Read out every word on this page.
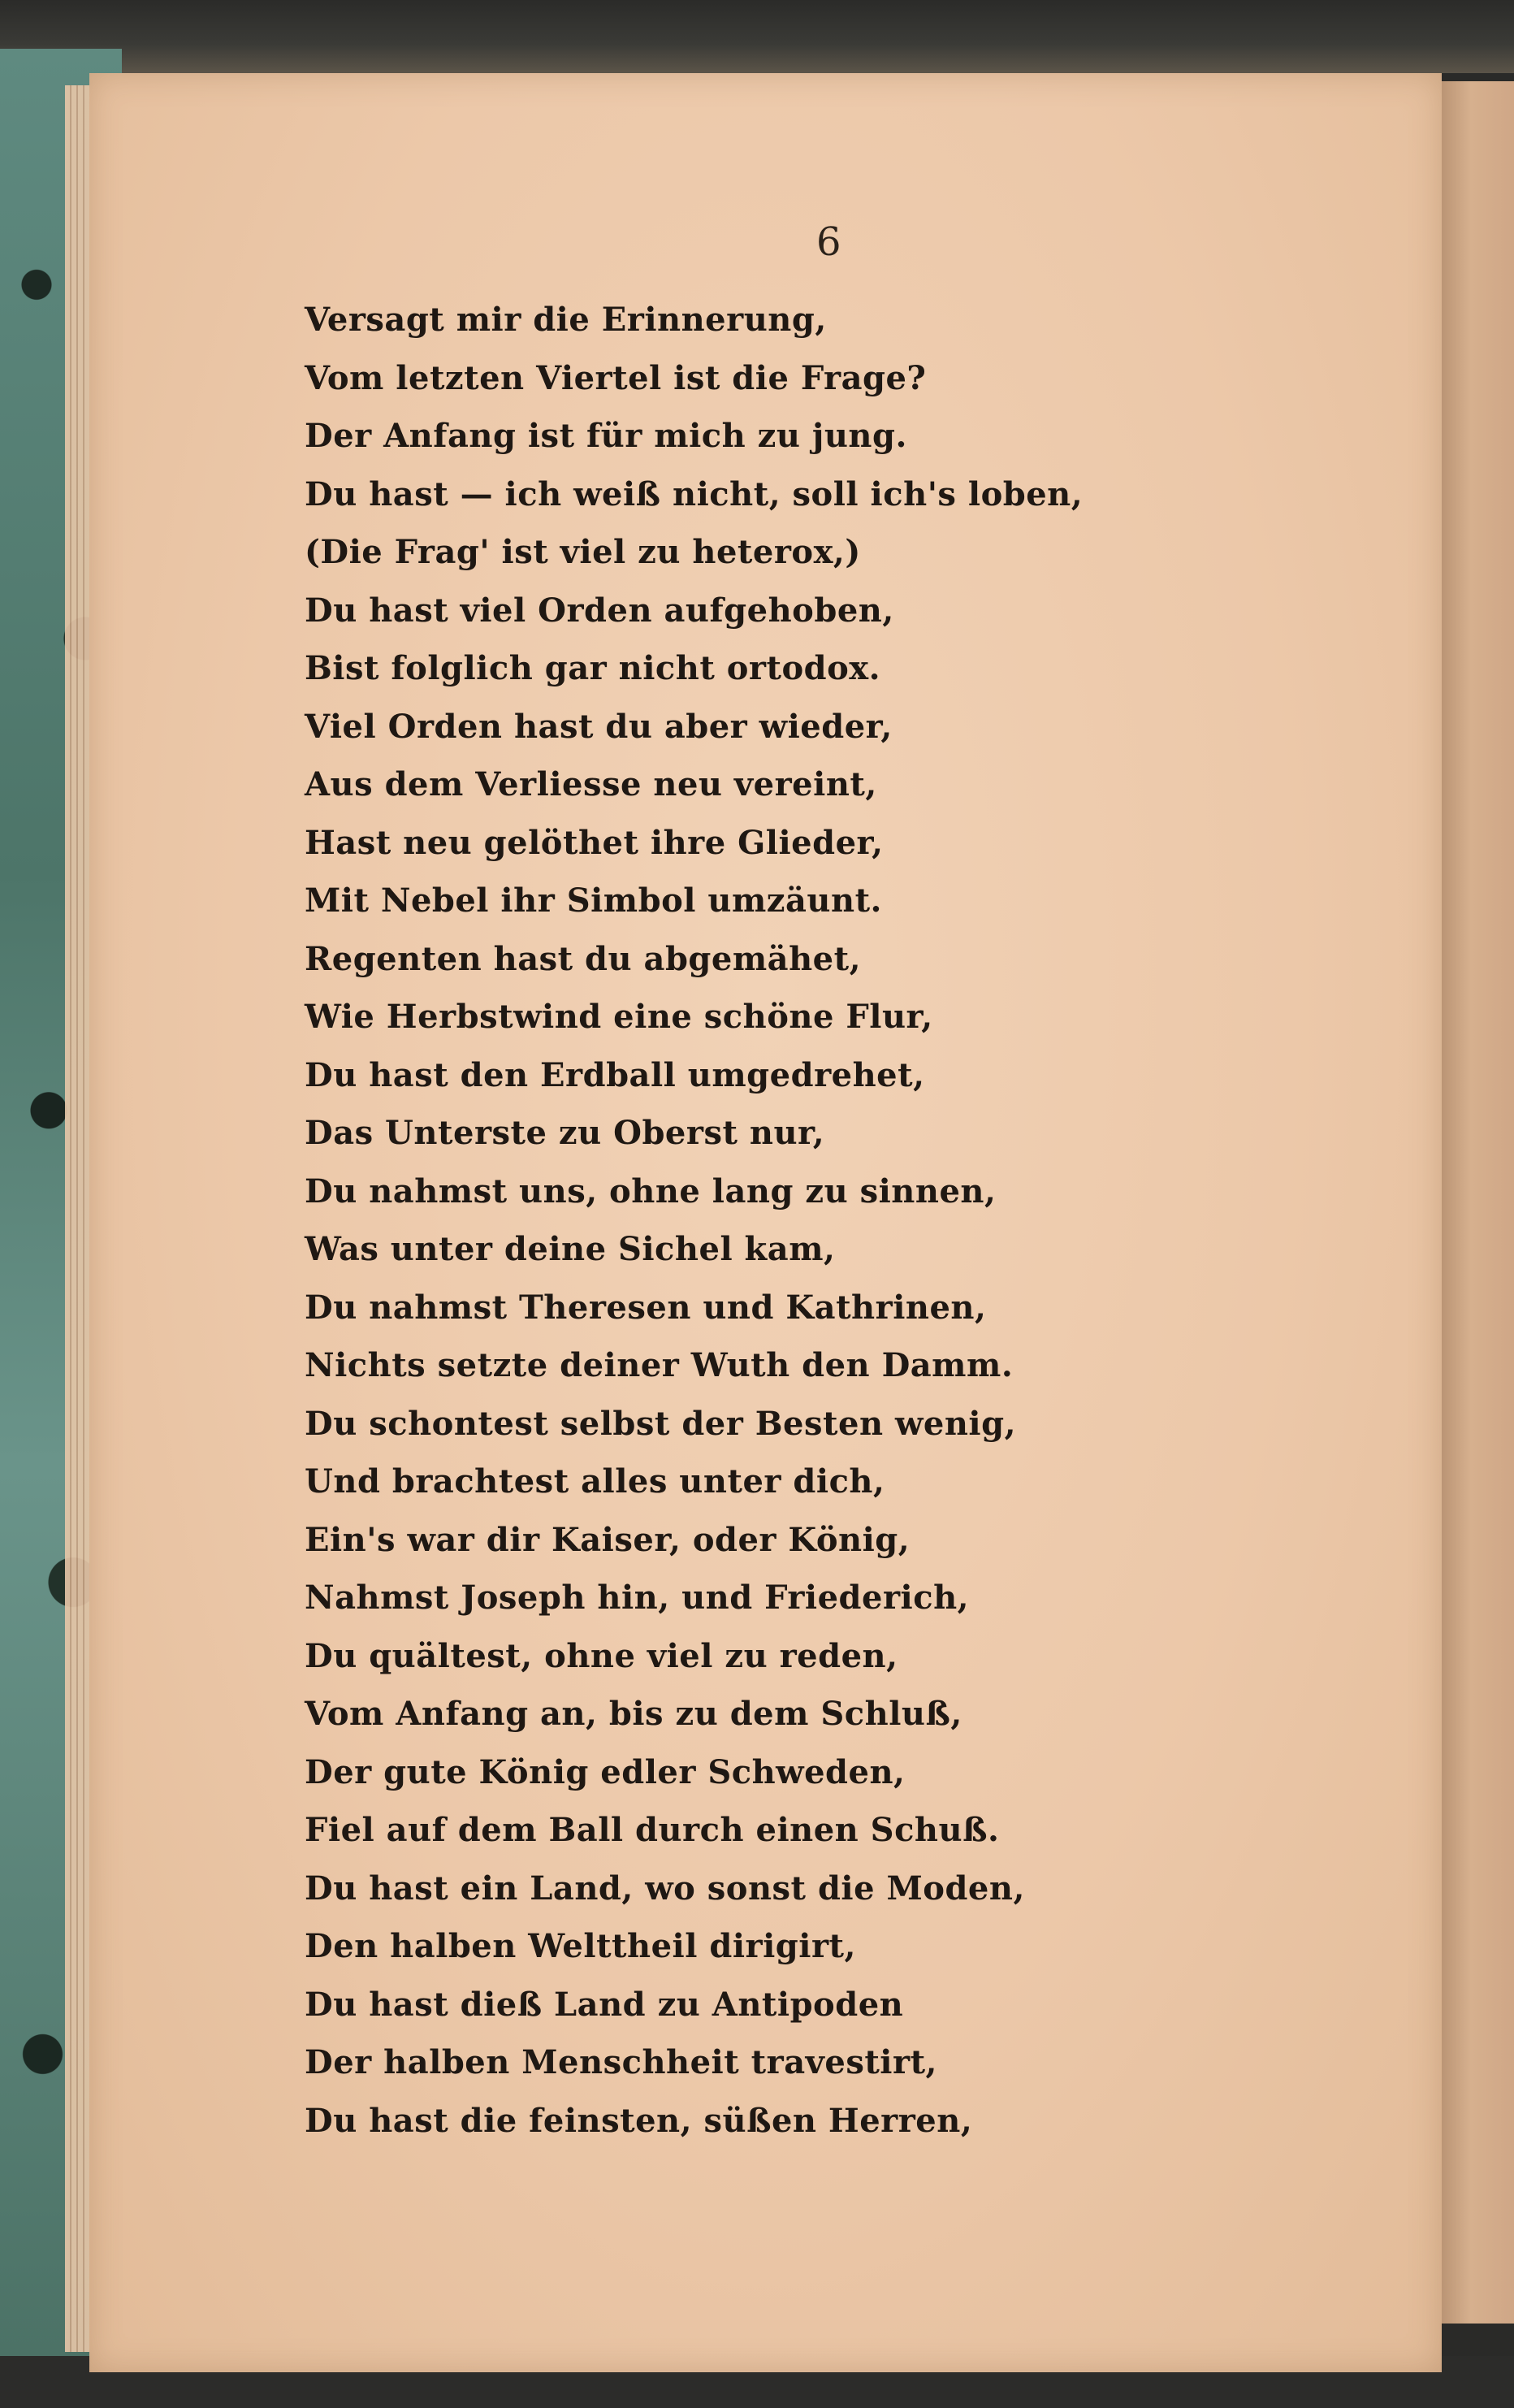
6
Versagt mir die Erinnerung,
Vom letzten Viertel ist die Frage?
Der Anfang ist für mich zu jung.
Du hast — ich weiß nicht, soll ich's loben,
(Die Frag' ist viel zu heterox,)
Du hast viel Orden aufgehoben,
Bist folglich gar nicht ortodox.
Viel Orden hast du aber wieder,
Aus dem Verliesse neu vereint,
Hast neu gelöthet ihre Glieder,
Mit Nebel ihr Simbol umzäunt.
Regenten hast du abgemähet,
Wie Herbstwind eine schöne Flur,
Du hast den Erdball umgedrehet,
Das Unterste zu Oberst nur,
Du nahmst uns, ohne lang zu sinnen,
Was unter deine Sichel kam,
Du nahmst Theresen und Kathrinen,
Nichts setzte deiner Wuth den Damm.
Du schontest selbst der Besten wenig,
Und brachtest alles unter dich,
Ein's war dir Kaiser, oder König,
Nahmst Joseph hin, und Friederich,
Du quältest, ohne viel zu reden,
Vom Anfang an, bis zu dem Schluß,
Der gute König edler Schweden,
Fiel auf dem Ball durch einen Schuß.
Du hast ein Land, wo sonst die Moden,
Den halben Welttheil dirigirt,
Du hast dieß Land zu Antipoden
Der halben Menschheit travestirt,
Du hast die feinsten, süßen Herren,
